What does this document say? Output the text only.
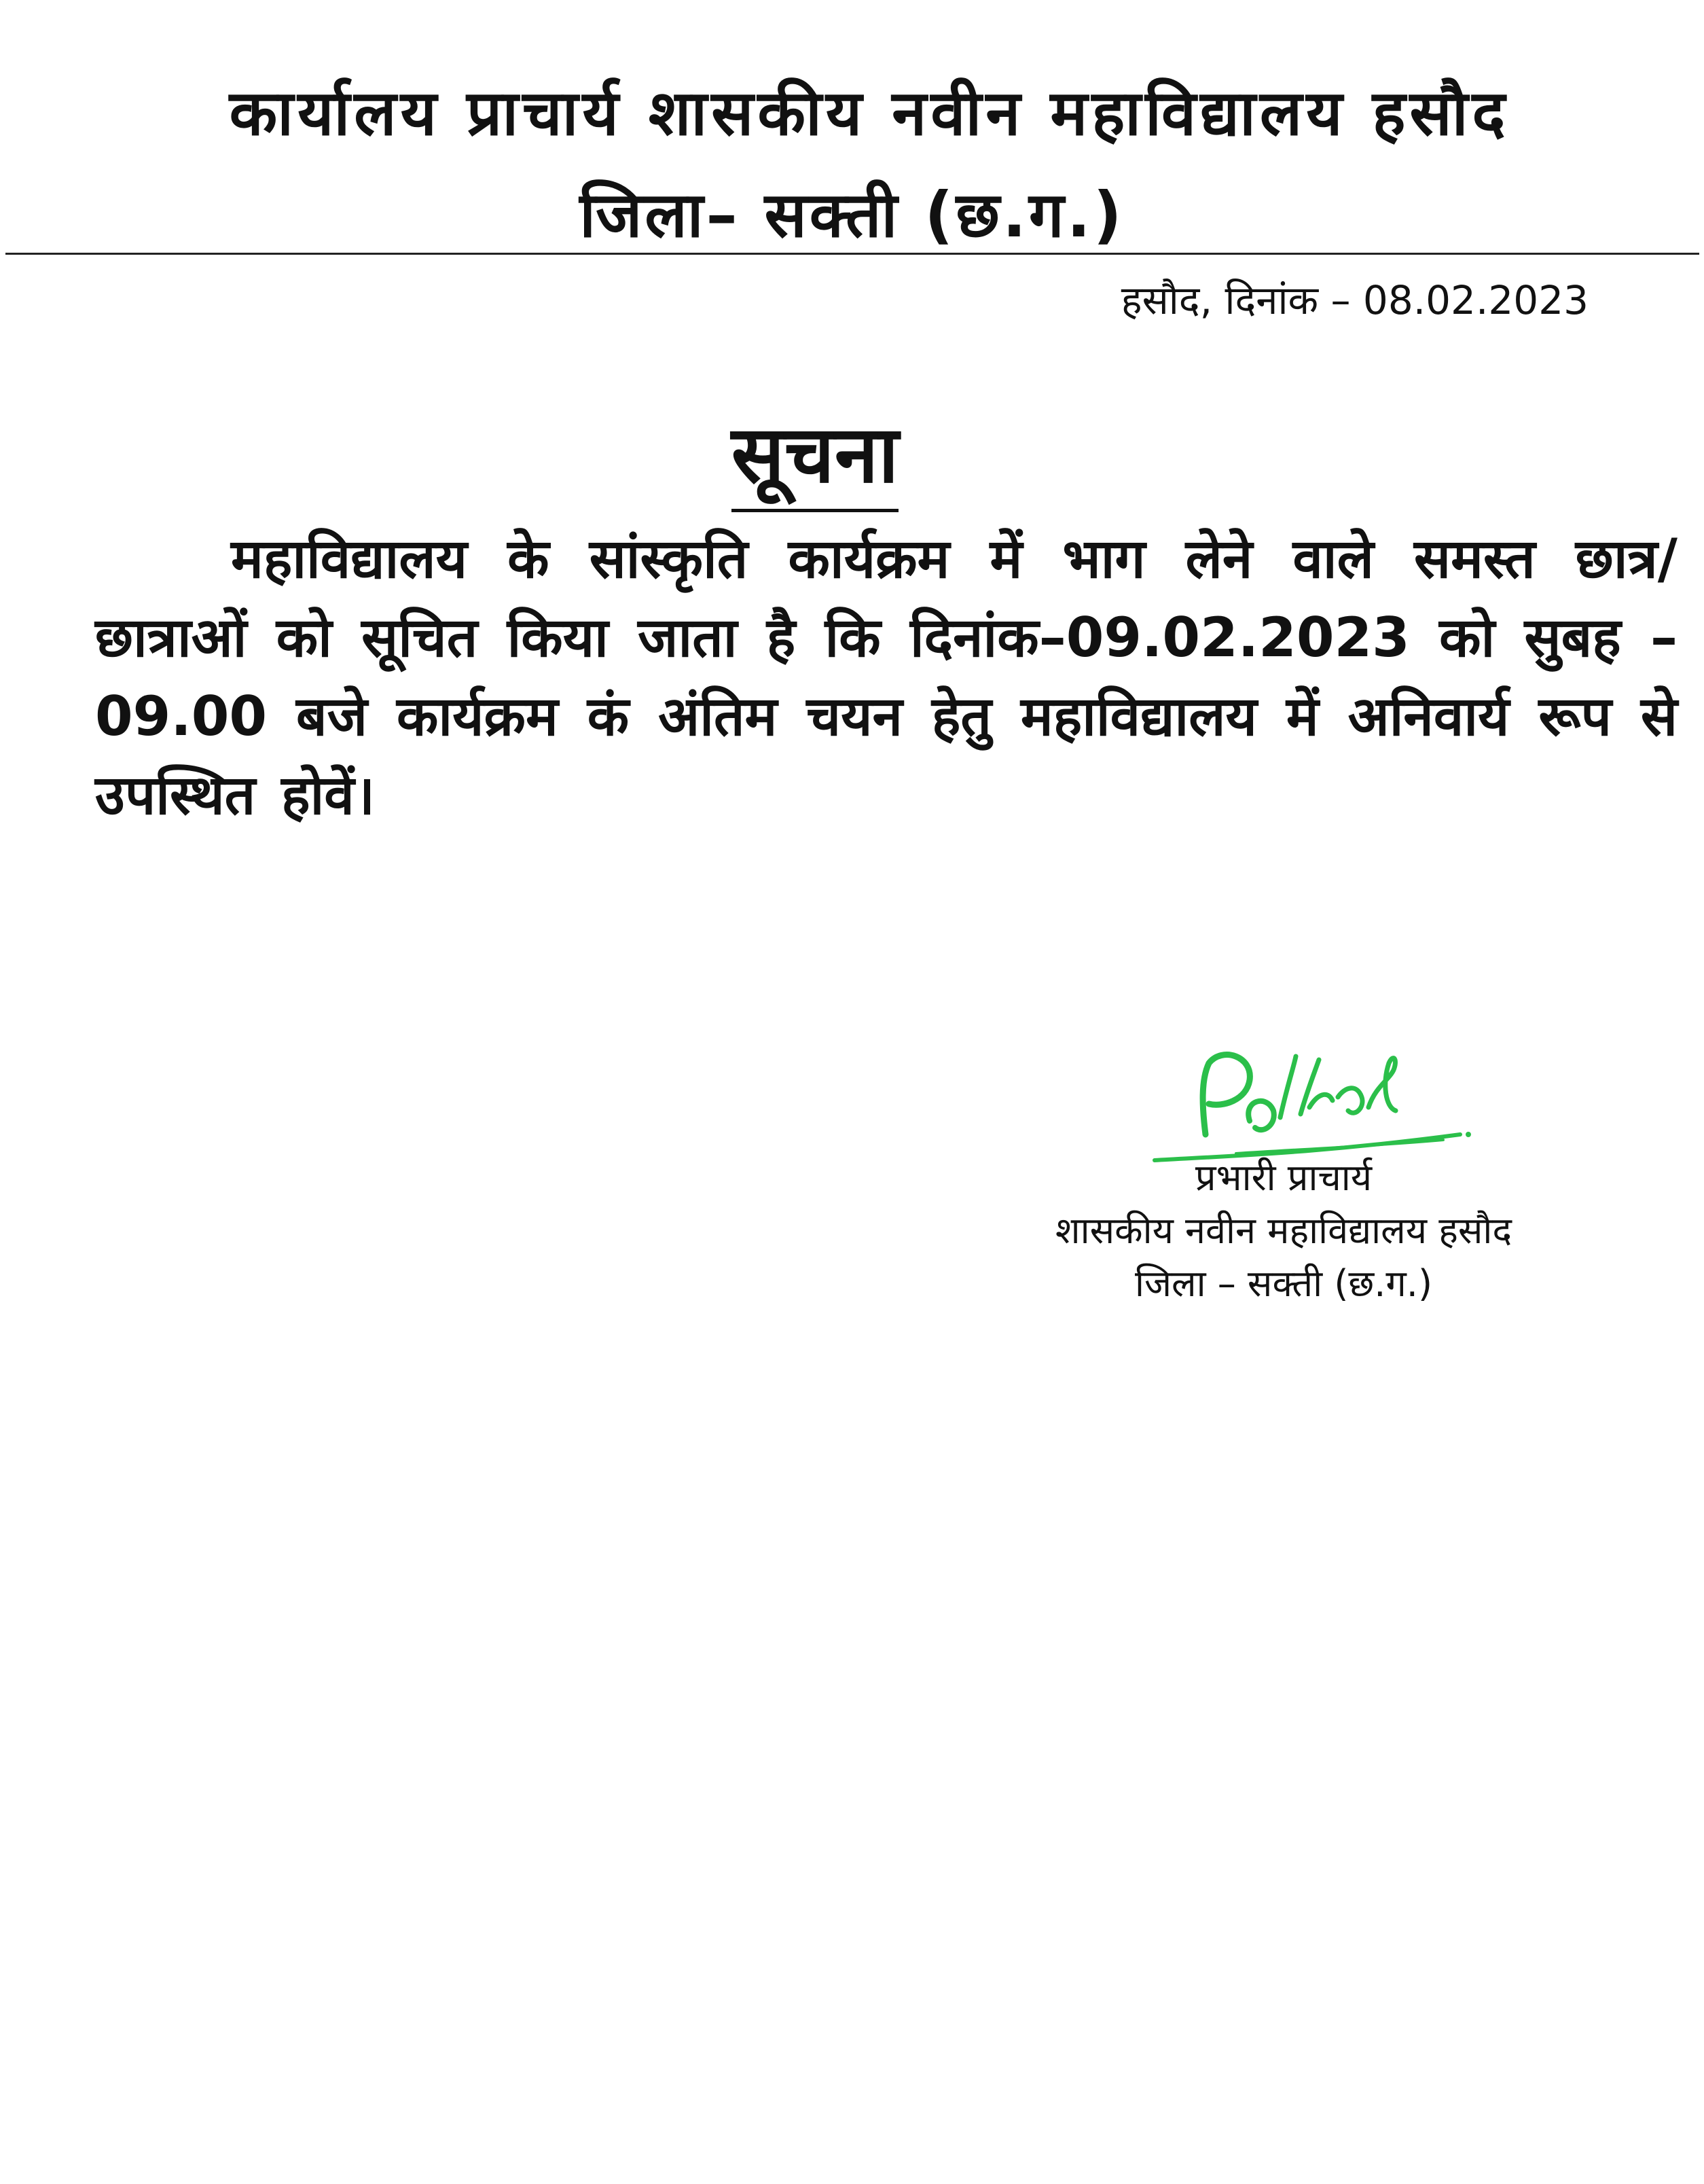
कार्यालय प्राचार्य शासकीय नवीन महाविद्यालय हसौद
जिला– सक्ती (छ.ग.)
हसौद, दिनांक – 08.02.2023
सूचना
महाविद्यालय के सांस्कृति कार्यक्रम में भाग लेने वाले समस्त छात्र/छात्राओं को सूचित किया जाता है कि दिनांक–09.02.2023 को सुबह – 09.00 बजे कार्यक्रम कं अंतिम चयन हेतु महाविद्यालय में अनिवार्य रूप से उपस्थित होवें।
प्रभारी प्राचार्य
शासकीय नवीन महाविद्यालय हसौद
जिला – सक्ती (छ.ग.)
